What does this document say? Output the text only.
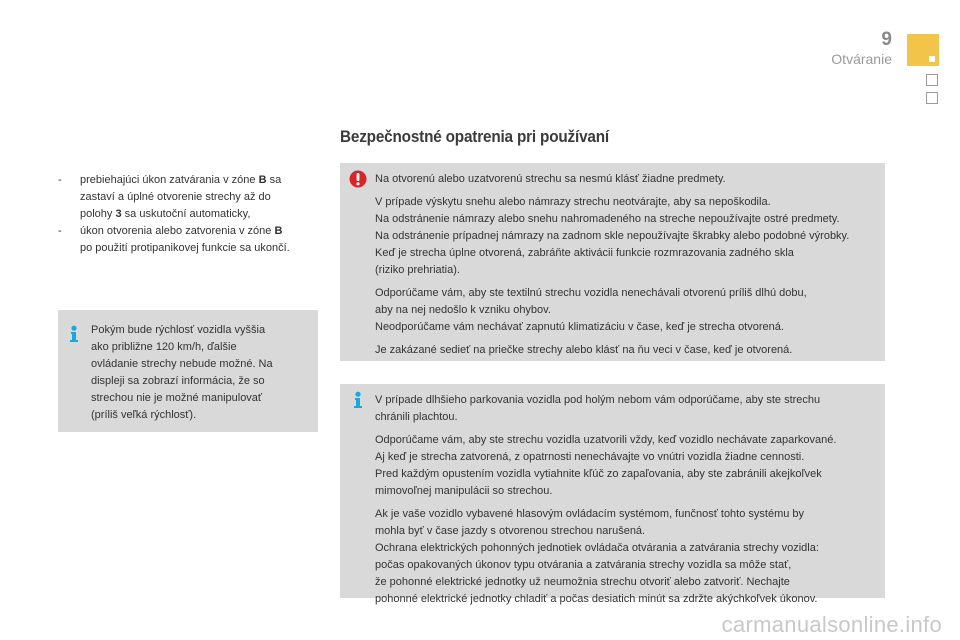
9
Otváranie
Bezpečnostné opatrenia pri používaní
-	prebiehajúci úkon zatvárania v zóne B sa
zastaví a úplné otvorenie strechy až do
polohy 3 sa uskutoční automaticky,
-	úkon otvorenia alebo zatvorenia v zóne B
po použití protipanikovej funkcie sa ukončí.
Pokým bude rýchlosť vozidla vyššia
ako približne 120 km/h, ďalšie
ovládanie strechy nebude možné. Na
displeji sa zobrazí informácia, že so
strechou nie je možné manipulovať
(príliš veľká rýchlosť).

Na otvorenú alebo uzatvorenú strechu sa nesmú klásť žiadne predmety.

V prípade výskytu snehu alebo námrazy strechu neotvárajte, aby sa nepoškodila.
Na odstránenie námrazy alebo snehu nahromadeného na streche nepoužívajte ostré predmety.
Na odstránenie prípadnej námrazy na zadnom skle nepoužívajte škrabky alebo podobné výrobky.
Keď je strecha úplne otvorená, zabráňte aktivácii funkcie rozmrazovania zadného skla
(riziko prehriatia).

Odporúčame vám, aby ste textilnú strechu vozidla nenechávali otvorenú príliš dlhú dobu,
aby na nej nedošlo k vzniku ohybov.
Neodporúčame vám nechávať zapnutú klimatizáciu v čase, keď je strecha otvorená.

Je zakázané sedieť na priečke strechy alebo klásť na ňu veci v čase, keď je otvorená.

V prípade dlhšieho parkovania vozidla pod holým nebom vám odporúčame, aby ste strechu
chránili plachtou.

Odporúčame vám, aby ste strechu vozidla uzatvorili vždy, keď vozidlo nechávate zaparkované.
Aj keď je strecha zatvorená, z opatrnosti nenechávajte vo vnútri vozidla žiadne cennosti.
Pred každým opustením vozidla vytiahnite kľúč zo zapaľovania, aby ste zabránili akejkoľvek
mimovoľnej manipulácii so strechou.

Ak je vaše vozidlo vybavené hlasovým ovládacím systémom, funčnosť tohto systému by
mohla byť v čase jazdy s otvorenou strechou narušená.
Ochrana elektrických pohonných jednotiek ovládača otvárania a zatvárania strechy vozidla:
počas opakovaných úkonov typu otvárania a zatvárania strechy vozidla sa môže stať,
že pohonné elektrické jednotky už neumožnia strechu otvoriť alebo zatvoriť. Nechajte
pohonné elektrické jednotky chladiť a počas desiatich minút sa zdržte akýchkoľvek úkonov.

carmanualsonline.info
